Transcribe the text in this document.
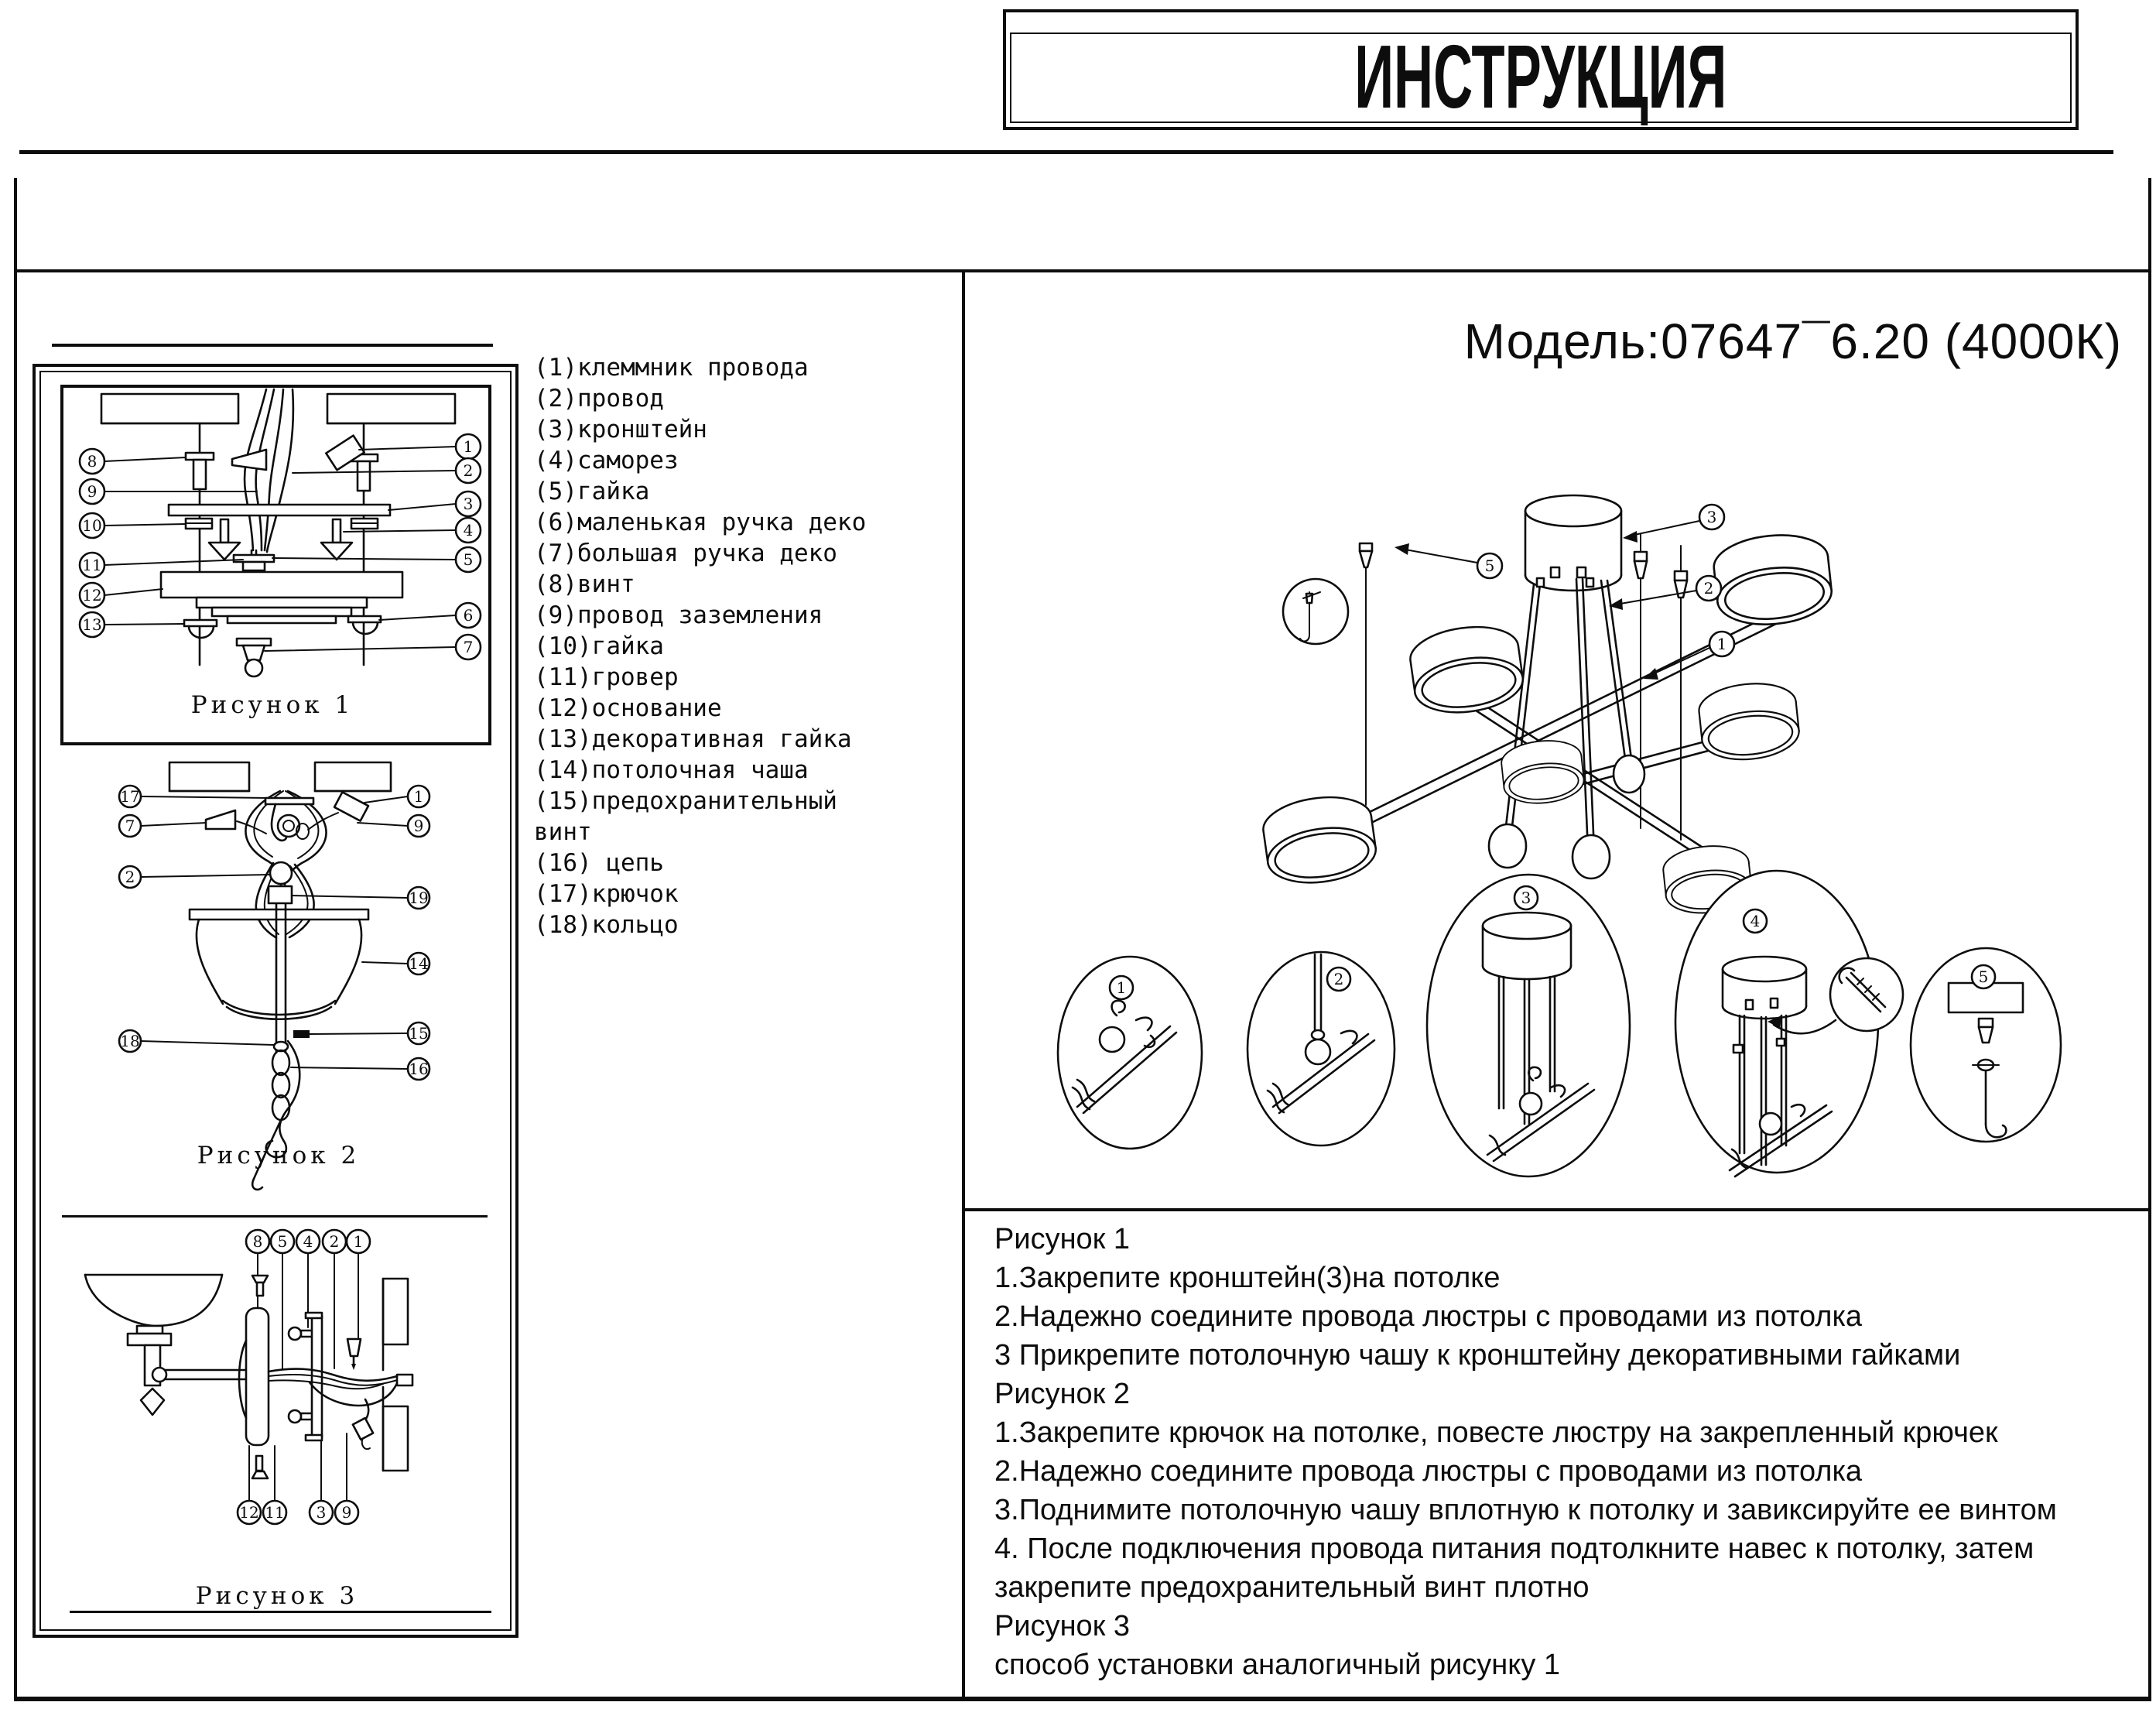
ИНСТРУКЦИЯ
8
9
10
11
12
13
1
2
3
4
5
6
7
Рисунок 1
17
7
2
18
1
9
19
14
15
16
Рисунок 2
8 5 4 2 1
12 11 3 9
Рисунок 3
(1)клеммник провода
(2)провод
(3)кронштейн
(4)саморез
(5)гайка
(6)маленькая ручка деко
(7)большая ручка деко
(8)винт
(9)провод заземления
(10)гайка
(11)гровер
(12)основание
(13)декоративная гайка
(14)потолочная чаша
(15)предохранительный
винт
(16) цепь
(17)крючок
(18)кольцо
Модель:07647¯6.20 (4000К)
5
3
2
1
1	2
3
4
5
Рисунок 1
1.Закрепите кронштейн(3)на потолке
2.Надежно соедините провода люстры с проводами из потолка
3 Прикрепите потолочную чашу к кронштейну декоративными гайками
Рисунок 2
1.Закрепите крючок на потолке, повесте люстру на закрепленный крючек
2.Надежно соедините провода люстры с проводами из потолка
3.Поднимите потолочную чашу вплотную к потолку и завиксируйте ее винтом
4. После подключения провода питания подтолкните навес к потолку, затем
закрепите предохранительный винт плотно
Рисунок 3
способ установки аналогичный рисунку 1
